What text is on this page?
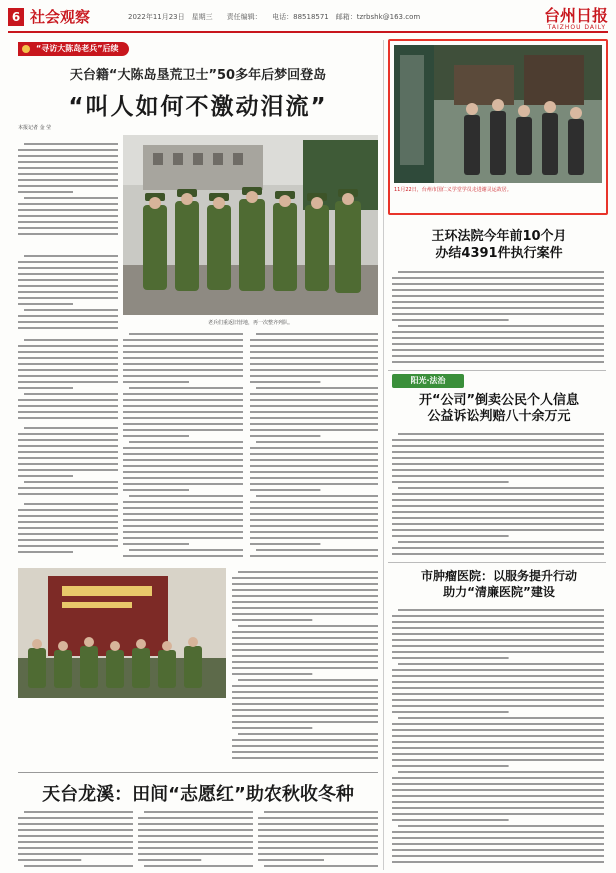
6 社会观察	2022年11月23日　星期三　　责任编辑：　　电话：88518571　邮箱：tzrbshk@163.com	台州日报
TAIZHOU DAILY
“寻访大陈岛老兵”后续
天台籍“大陈岛垦荒卫士”50多年后梦回登岛
“叫人如何不激动泪流”
本报记者 金 莹
老兵们重返旧营地，再一次整齐列队。
天台龙溪：田间“志愿红”助农秋收冬种
11月22日，台州市国仁义学堂学员走进谢灵运故居。
王环法院今年前10个月
办结4391件执行案件
阳光·法治
开“公司”倒卖公民个人信息
公益诉讼判赔八十余万元
市肿瘤医院：以服务提升行动
助力“清廉医院”建设
